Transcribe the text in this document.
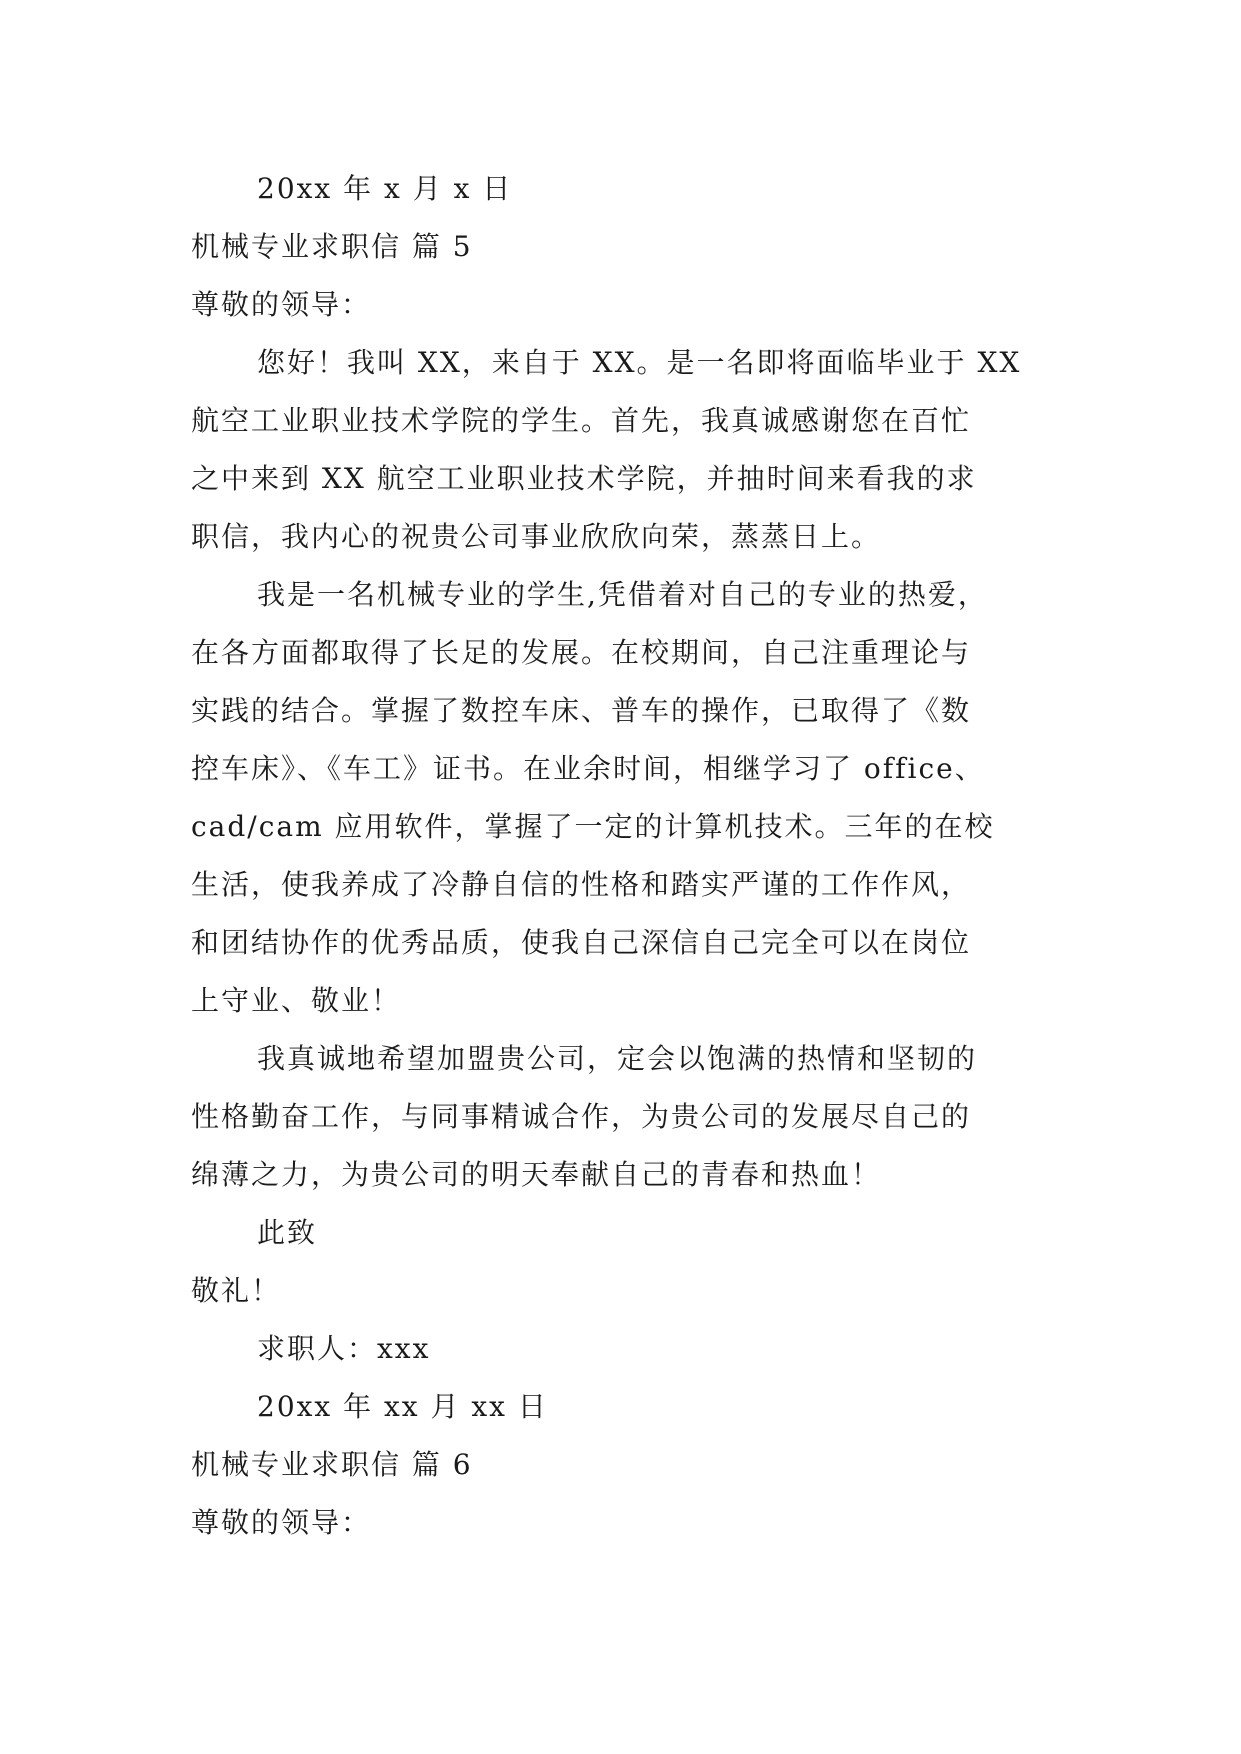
20xx 年 x 月 x 日
机械专业求职信 篇 5
尊敬的领导：
您好！我叫 XX，来自于 XX。是一名即将面临毕业于 XX
航空工业职业技术学院的学生。首先，我真诚感谢您在百忙
之中来到 XX 航空工业职业技术学院，并抽时间来看我的求
职信，我内心的祝贵公司事业欣欣向荣，蒸蒸日上。
我是一名机械专业的学生,凭借着对自己的专业的热爱，
在各方面都取得了长足的发展。在校期间，自己注重理论与
实践的结合。掌握了数控车床、普车的操作，已取得了《数
控车床》、《车工》证书。在业余时间，相继学习了 office、
cad/cam 应用软件，掌握了一定的计算机技术。三年的在校
生活，使我养成了冷静自信的性格和踏实严谨的工作作风，
和团结协作的优秀品质，使我自己深信自己完全可以在岗位
上守业、敬业！
我真诚地希望加盟贵公司，定会以饱满的热情和坚韧的
性格勤奋工作，与同事精诚合作，为贵公司的发展尽自己的
绵薄之力，为贵公司的明天奉献自己的青春和热血！
此致
敬礼！
求职人：xxx
20xx 年 xx 月 xx 日
机械专业求职信 篇 6
尊敬的领导：
